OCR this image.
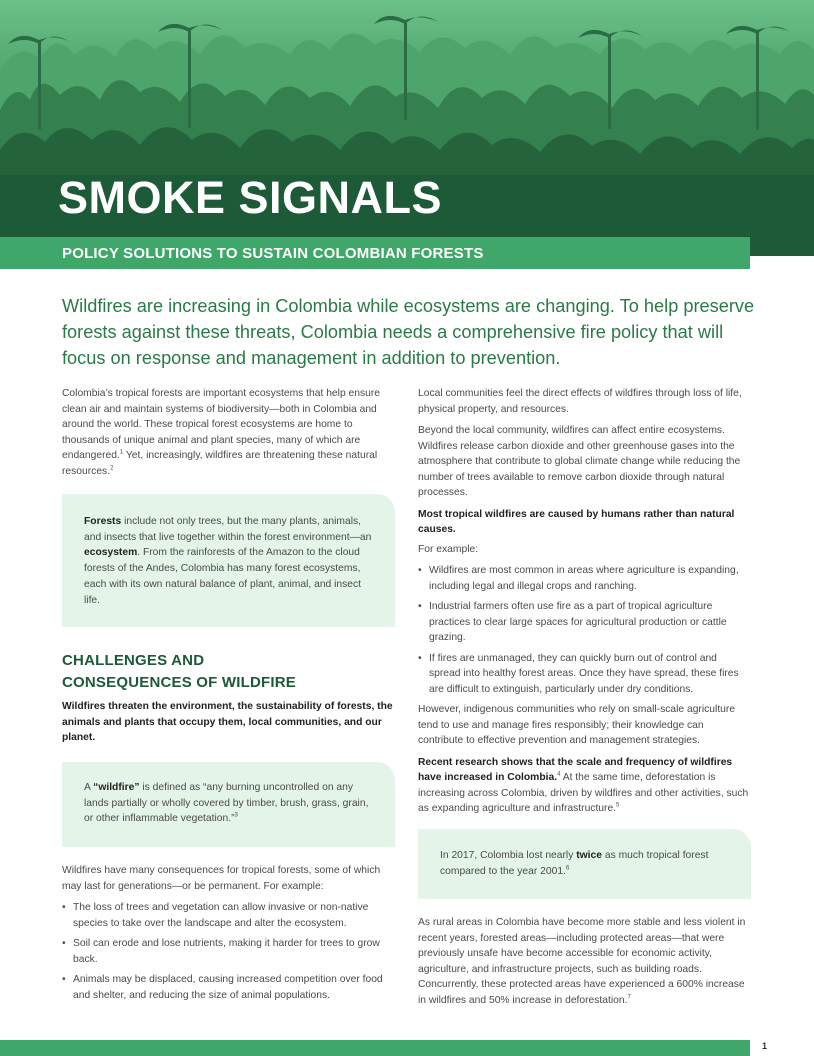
SMOKE SIGNALS
POLICY SOLUTIONS TO SUSTAIN COLOMBIAN FORESTS
Wildfires are increasing in Colombia while ecosystems are changing. To help preserve forests against these threats, Colombia needs a comprehensive fire policy that will focus on response and management in addition to prevention.

Colombia’s tropical forests are important ecosystems that help ensure clean air and maintain systems of biodiversity—both in Colombia and around the world. These tropical forest ecosystems are home to thousands of unique animal and plant species, many of which are endangered.$^1$ Yet, increasingly, wildfires are threatening these natural resources.$^2$

Forests include not only trees, but the many plants, animals, and insects that live together within the forest environment—an ecosystem. From the rainforests of the Amazon to the cloud forests of the Andes, Colombia has many forest ecosystems, each with its own natural balance of plant, animal, and insect life.
CHALLENGES AND
CONSEQUENCES OF WILDFIRE
Wildfires threaten the environment, the sustainability of forests, the animals and plants that occupy them, local communities, and our planet.
A “wildfire” is defined as “any burning uncontrolled on any lands partially or wholly covered by timber, brush, grass, grain, or other inflammable vegetation.”$^3$

Wildfires have many consequences for tropical forests, some of which may last for generations—or be permanent. For example:

• The loss of trees and vegetation can allow invasive or non-native species to take over the landscape and alter the ecosystem.
• Soil can erode and lose nutrients, making it harder for trees to grow back.
• Animals may be displaced, causing increased competition over food and shelter, and reducing the size of animal populations.

Local communities feel the direct effects of wildfires through loss of life, physical property, and resources.

Beyond the local community, wildfires can affect entire ecosystems. Wildfires release carbon dioxide and other greenhouse gases into the atmosphere that contribute to global climate change while reducing the number of trees available to remove carbon dioxide through natural processes.

Most tropical wildfires are caused by humans rather than natural causes.

For example:

• Wildfires are most common in areas where agriculture is expanding, including legal and illegal crops and ranching.
• Industrial farmers often use fire as a part of tropical agriculture practices to clear large spaces for agricultural production or cattle grazing.
• If fires are unmanaged, they can quickly burn out of control and spread into healthy forest areas. Once they have spread, these fires are difficult to extinguish, particularly under dry conditions.

However, indigenous communities who rely on small-scale agriculture tend to use and manage fires responsibly; their knowledge can contribute to effective prevention and management strategies.

Recent research shows that the scale and frequency of wildfires have increased in Colombia.$^4$ At the same time, deforestation is increasing across Colombia, driven by wildfires and other activities, such as expanding agriculture and infrastructure.$^5$

In 2017, Colombia lost nearly twice as much tropical forest compared to the year 2001.$^6$

As rural areas in Colombia have become more stable and less violent in recent years, forested areas—including protected areas—that were previously unsafe have become accessible for economic activity, agriculture, and infrastructure projects, such as building roads. Concurrently, these protected areas have experienced a 600% increase in wildfires and 50% increase in deforestation.$^7$

1
